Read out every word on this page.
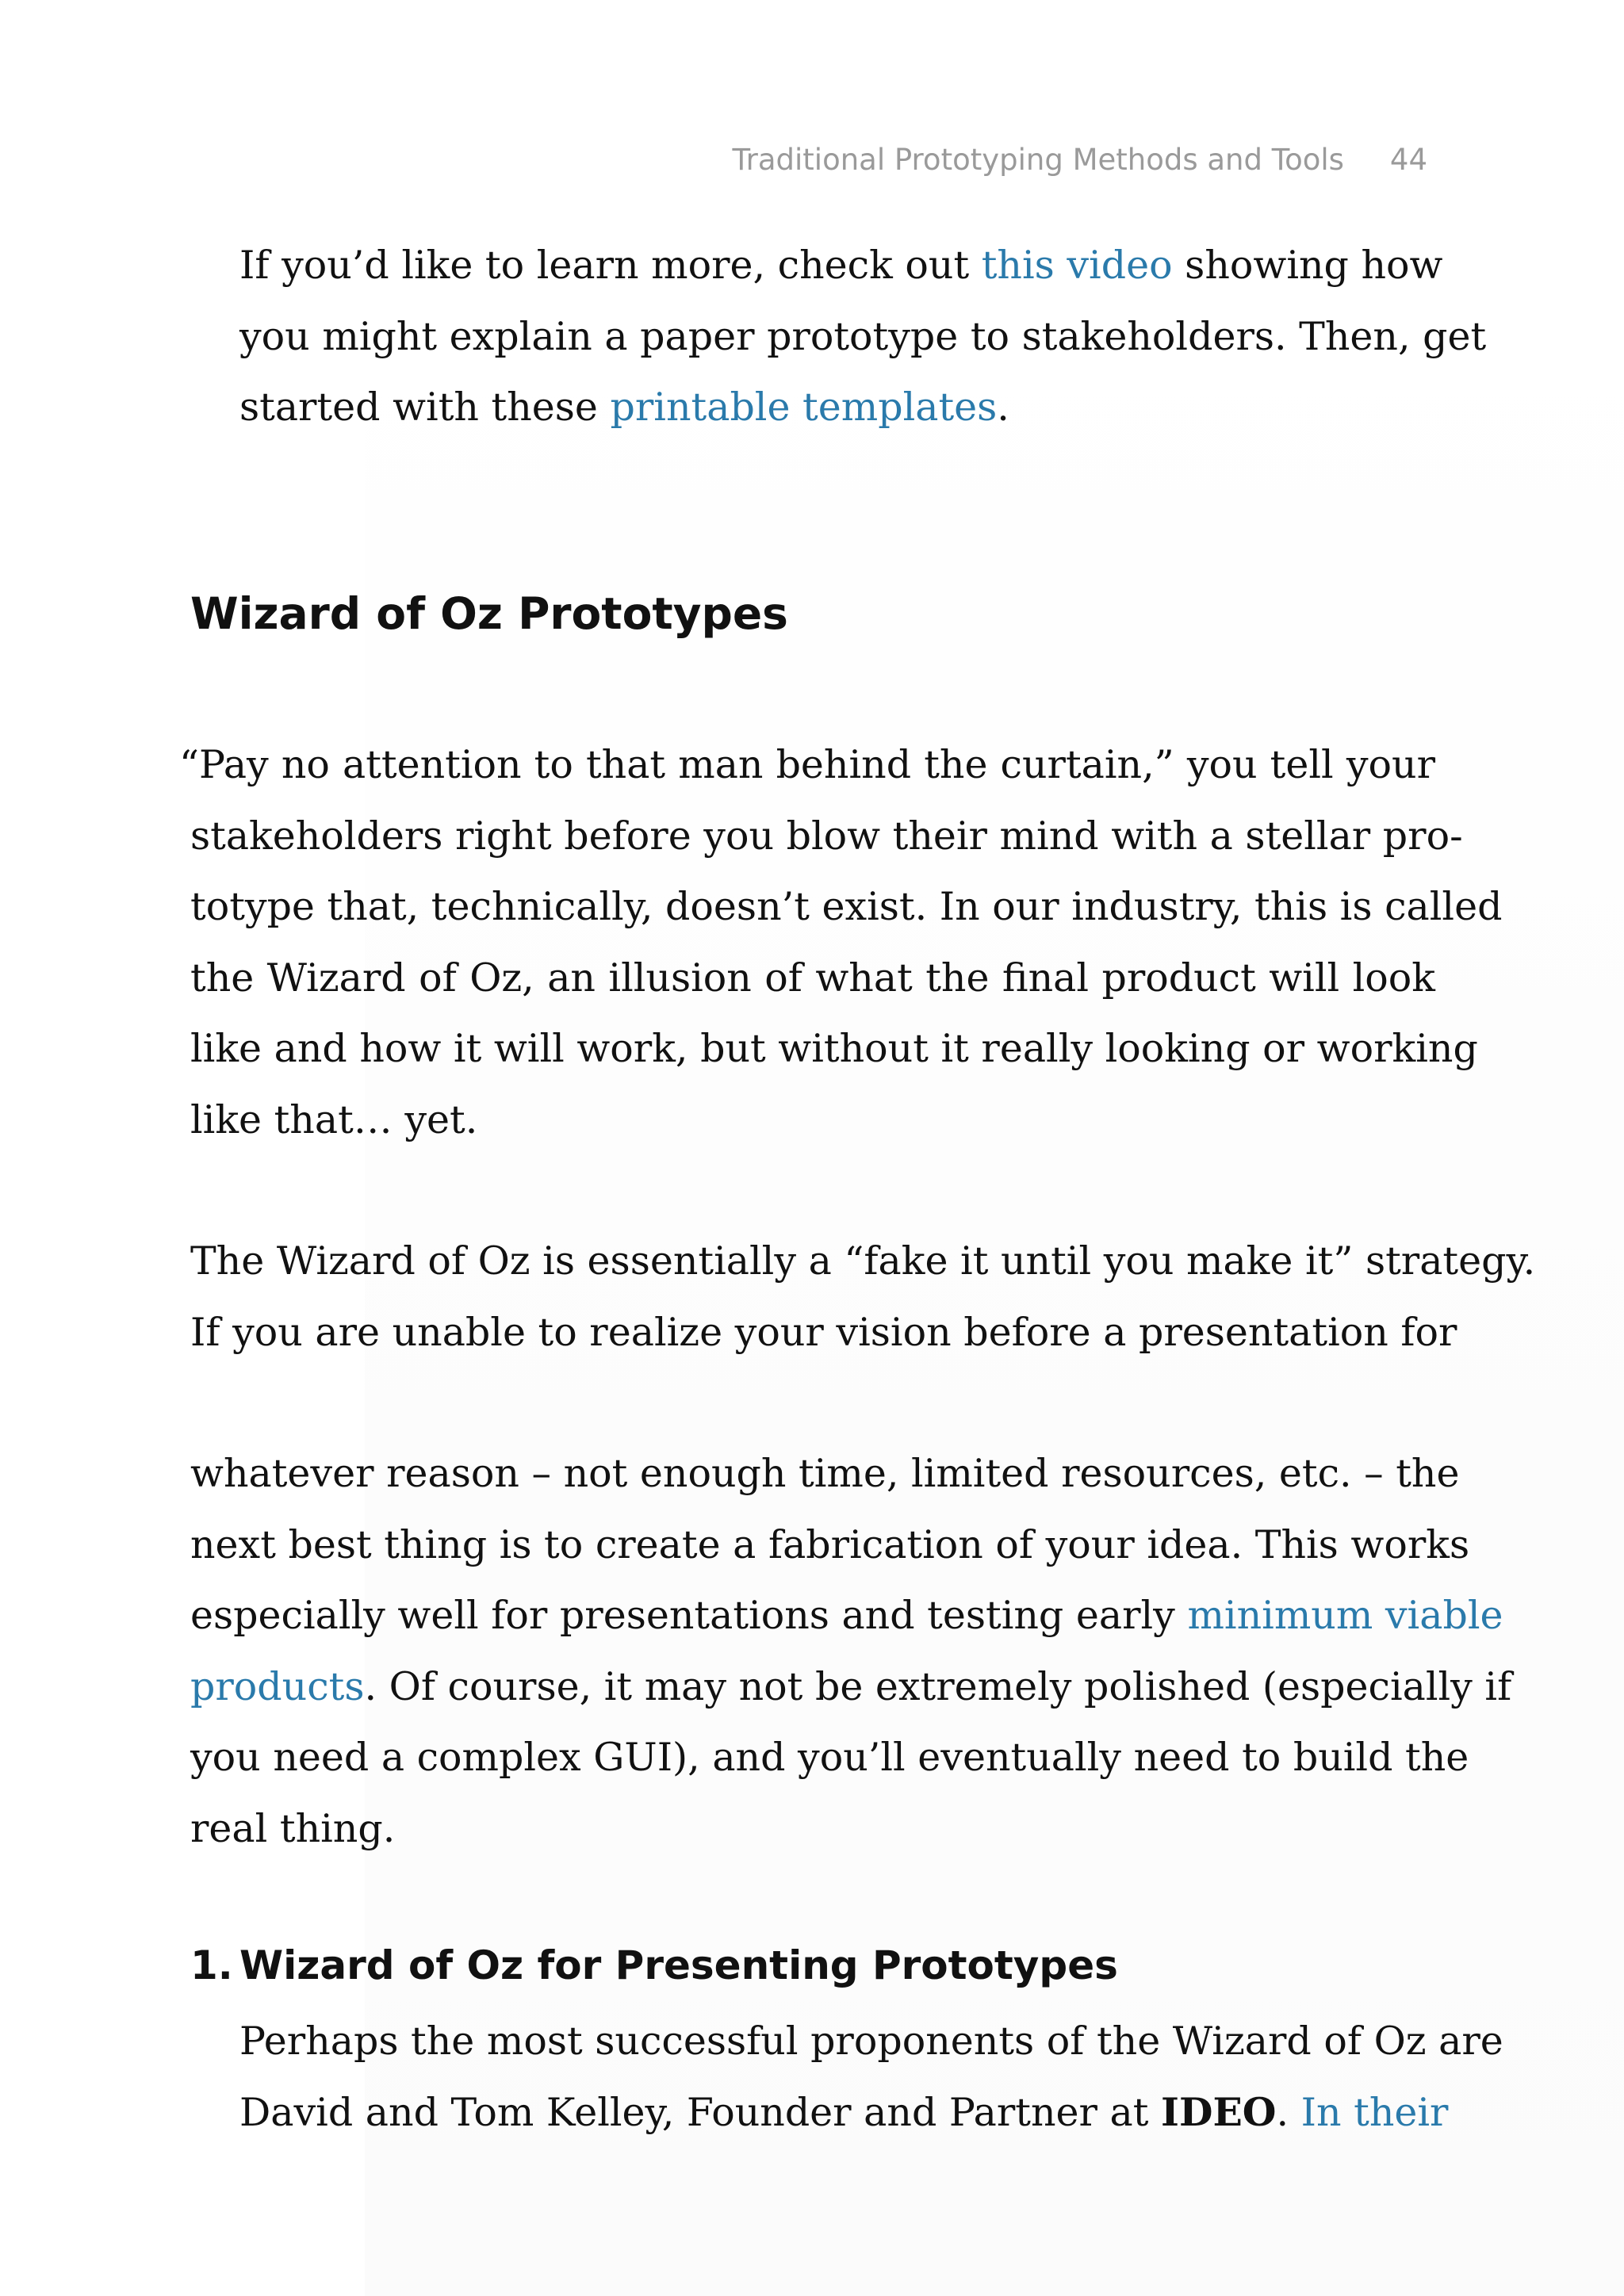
Traditional Prototyping Methods and Tools 44
If you’d like to learn more, check out this video showing how
you might explain a paper prototype to stakeholders. Then, get
started with these printable templates.
Wizard of Oz Prototypes
“Pay no attention to that man behind the curtain,” you tell your
stakeholders right before you blow their mind with a stellar pro-
totype that, technically, doesn’t exist. In our industry, this is called
the Wizard of Oz, an illusion of what the final product will look
like and how it will work, but without it really looking or working
like that… yet.
The Wizard of Oz is essentially a “fake it until you make it” strategy.
If you are unable to realize your vision before a presentation for
whatever reason – not enough time, limited resources, etc. – the
next best thing is to create a fabrication of your idea. This works
especially well for presentations and testing early minimum viable
products. Of course, it may not be extremely polished (especially if
you need a complex GUI), and you’ll eventually need to build the
real thing.
1. Wizard of Oz for Presenting Prototypes
Perhaps the most successful proponents of the Wizard of Oz are
David and Tom Kelley, Founder and Partner at IDEO. In their
